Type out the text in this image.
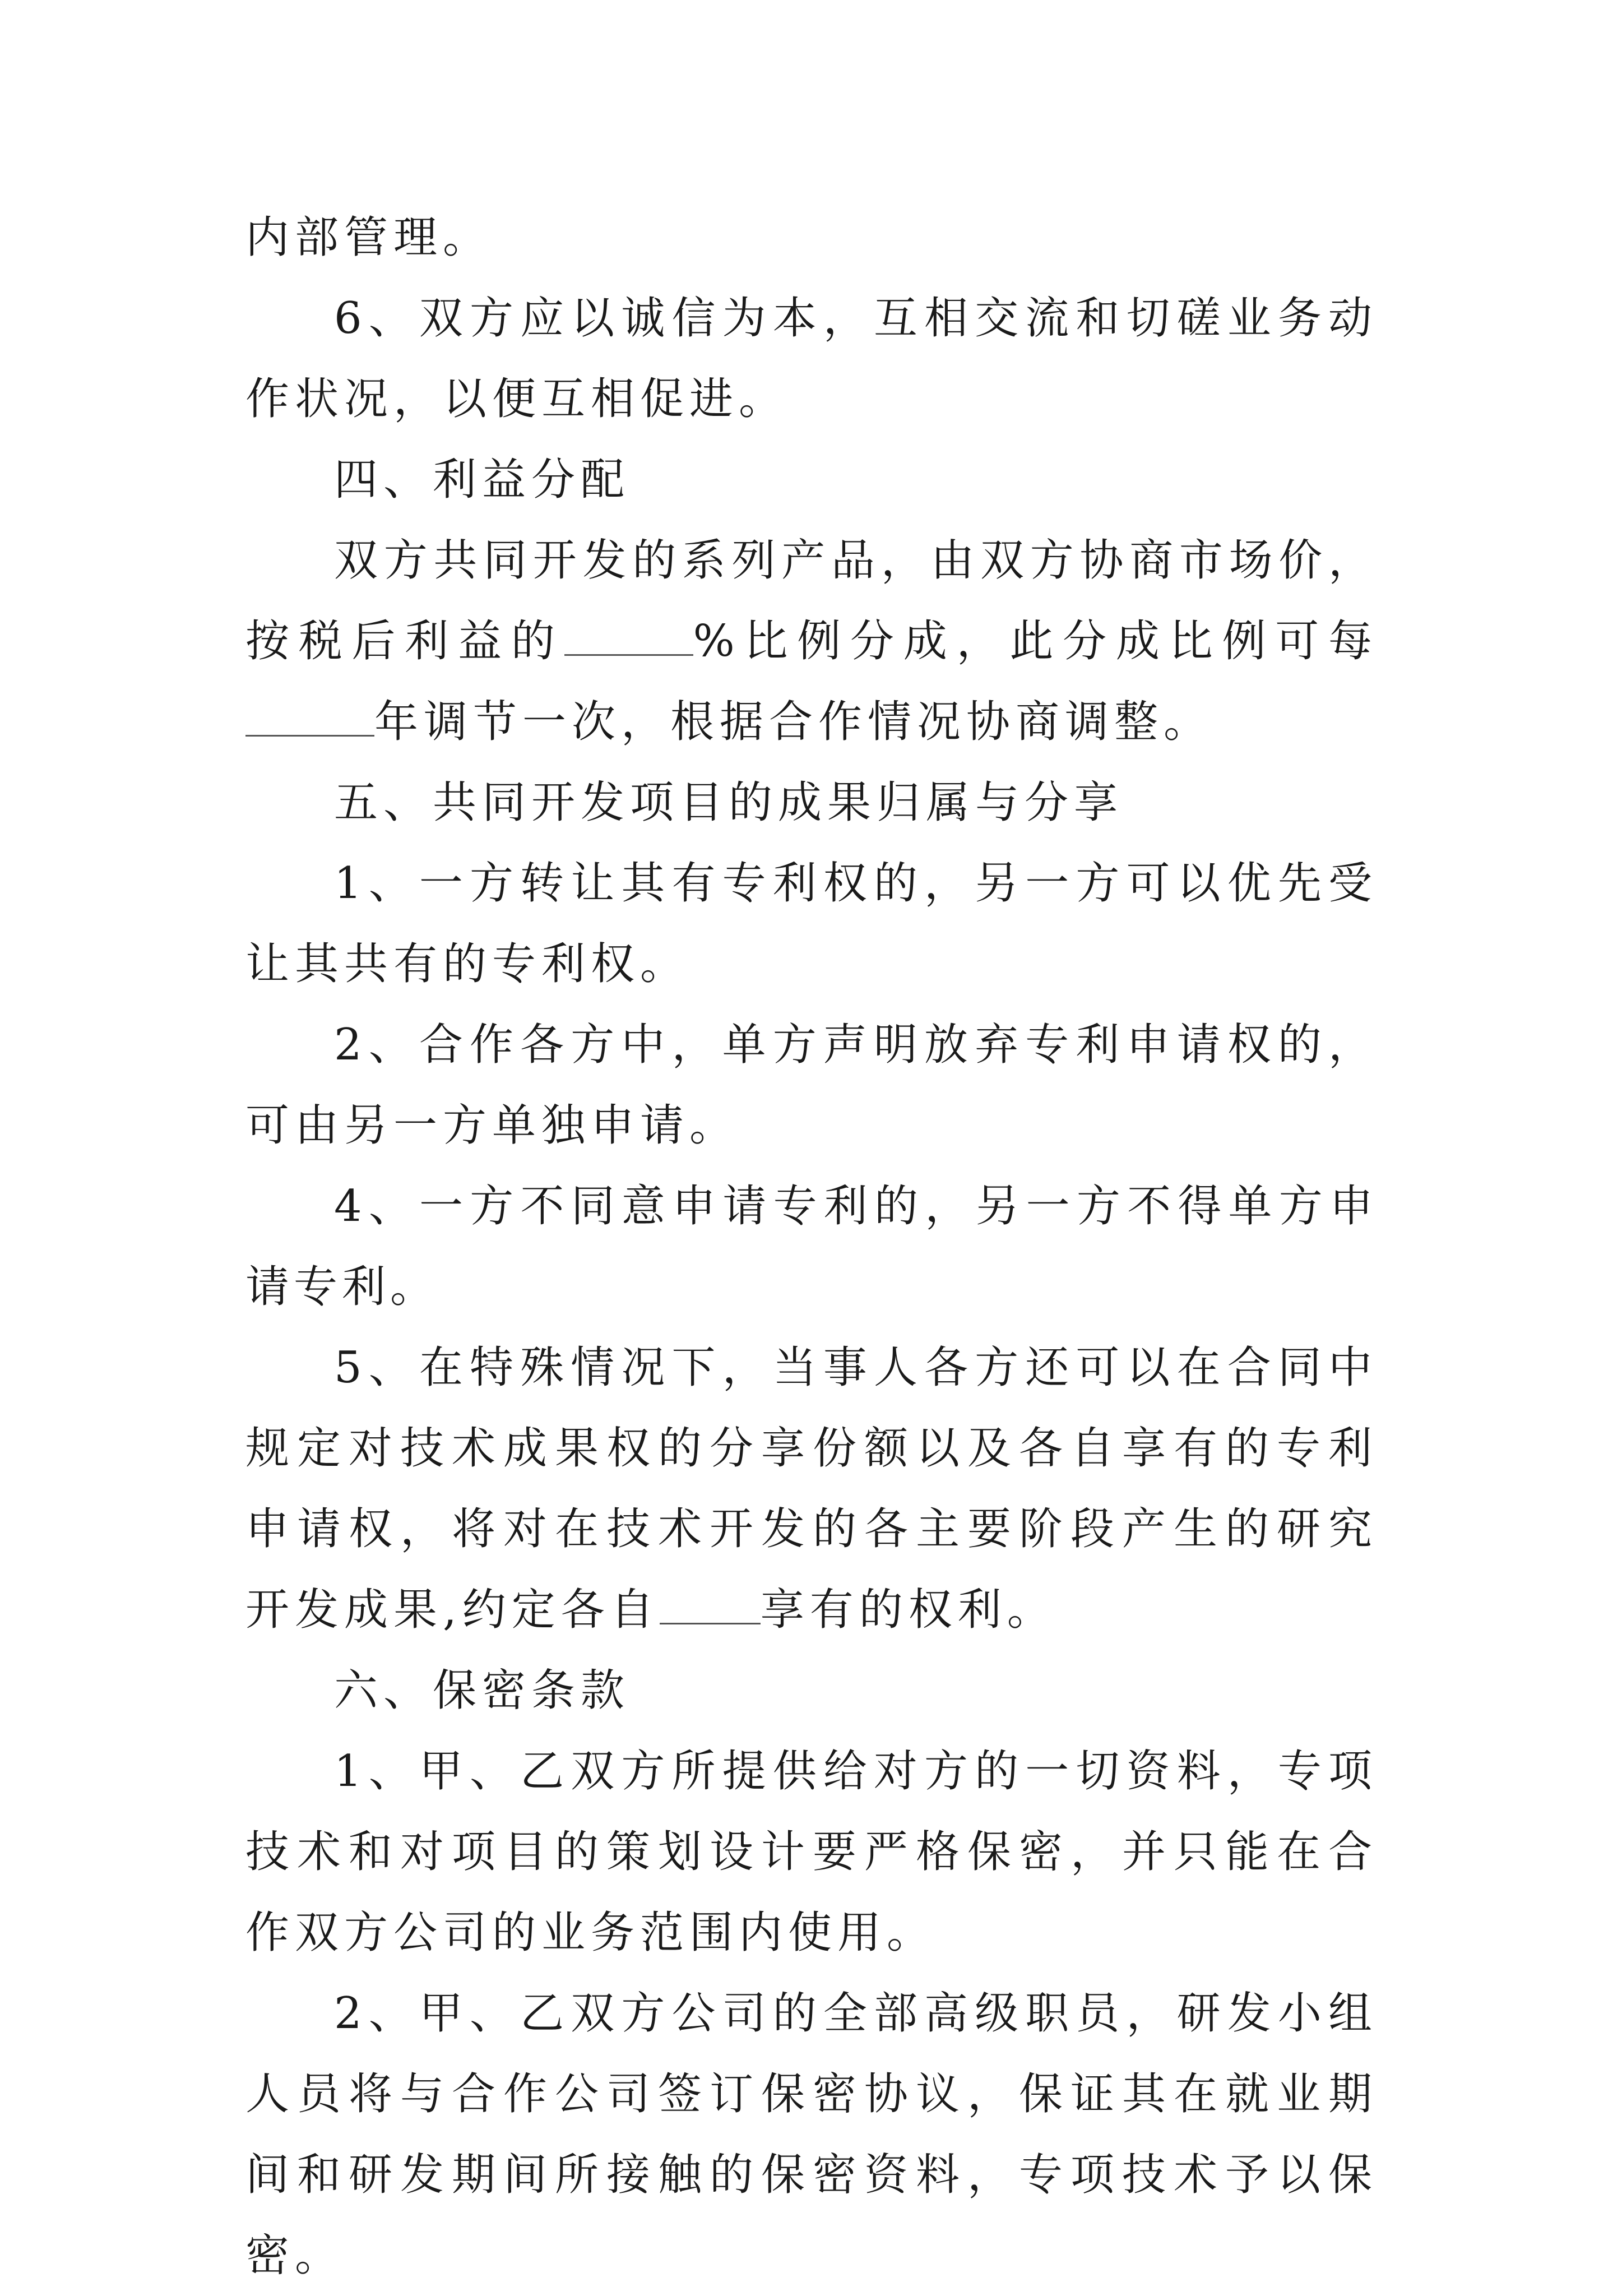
内部管理。

6、双方应以诚信为本，互相交流和切磋业务动作状况，以便互相促进。

四、利益分配

双方共同开发的系列产品，由双方协商市场价，按税后利益的	%比例分成，此分成比例可每年调节一次，根据合作情况协商调整。

五、共同开发项目的成果归属与分享

1、一方转让其有专利权的，另一方可以优先受让其共有的专利权。

2、合作各方中，单方声明放弃专利申请权的，可由另一方单独申请。

4、一方不同意申请专利的，另一方不得单方申请专利。

5、在特殊情况下，当事人各方还可以在合同中规定对技术成果权的分享份额以及各自享有的专利申请权，将对在技术开发的各主要阶段产生的研究开发成果,约定各自 享有的权利。

六、保密条款

1、甲、乙双方所提供给对方的一切资料，专项技术和对项目的策划设计要严格保密，并只能在合作双方公司的业务范围内使用。

2、甲、乙双方公司的全部高级职员，研发小组人员将与合作公司签订保密协议，保证其在就业期间和研发期间所接触的保密资料，专项技术予以保密。
